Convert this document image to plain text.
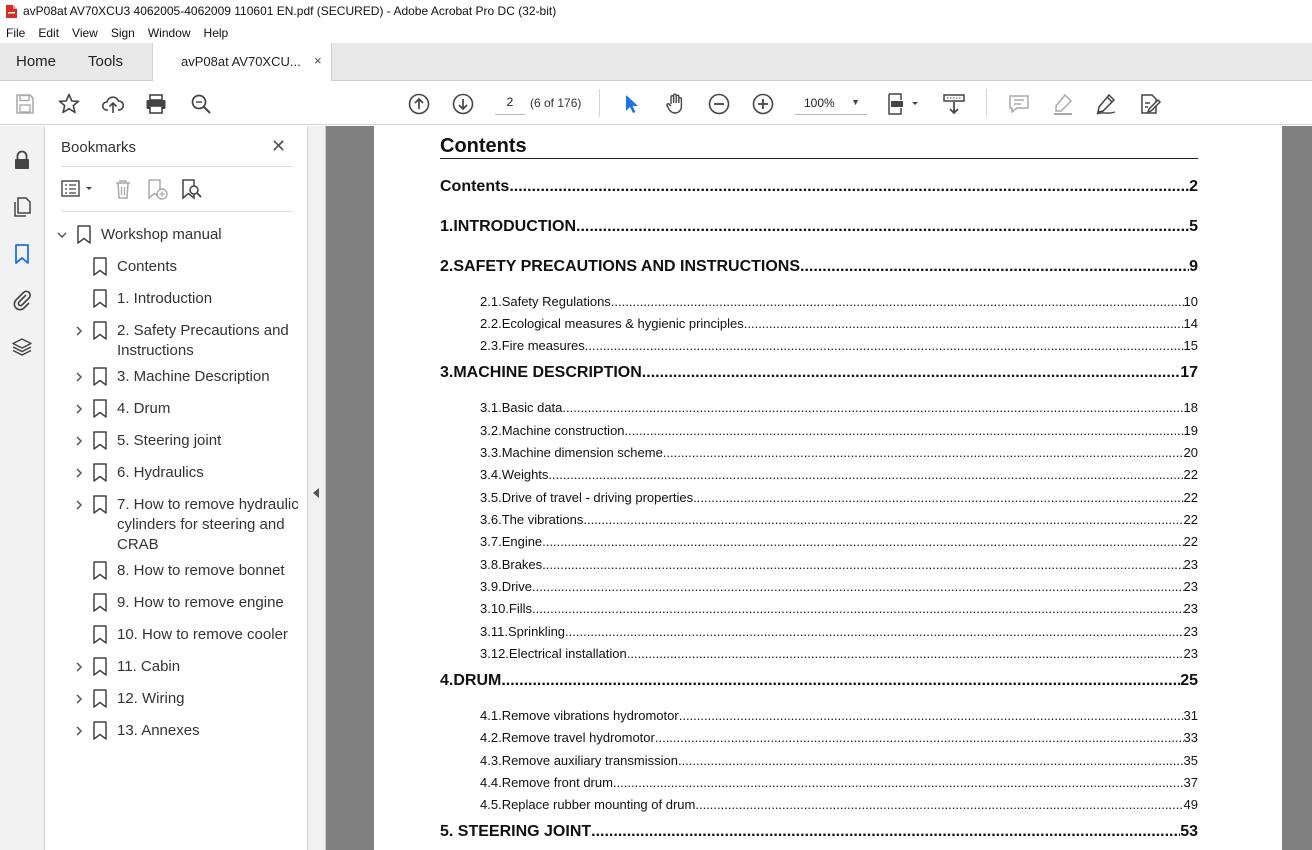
avP08at AV70XCU3 4062005-4062009 110601 EN.pdf (SECURED) - Adobe Acrobat Pro DC (32-bit)
File Edit View Sign Window Help
Home Tools	avP08at AV70XCU... ×
2	(6 of 176)	100% ▼
Bookmarks	✕
Workshop manual
Contents
1. Introduction
2. Safety Precautions and
Instructions
3. Machine Description
4. Drum
5. Steering joint
6. Hydraulics
7. How to remove hydraulic
cylinders for steering and
CRAB
8. How to remove bonnet
9. How to remove engine
10. How to remove cooler
11. Cabin
12. Wiring
13. Annexes
Contents
Contents .....	2
1. INTRODUCTION .....	5
2. SAFETY PRECAUTIONS AND INSTRUCTIONS .....	9
2.1. Safety Regulations .....	10
2.2. Ecological measures & hygienic principles .....	14
2.3. Fire measures .....	15
3. MACHINE DESCRIPTION .....	17
3.1. Basic data .....	18
3.2. Machine construction .....	19
3.3. Machine dimension scheme .....	20
3.4. Weights .....	22
3.5. Drive of travel - driving properties .....	22
3.6. The vibrations .....	22
3.7. Engine .....	22
3.8. Brakes .....	23
3.9. Drive .....	23
3.10. Fills .....	23
3.11. Sprinkling .....	23
3.12. Electrical installation .....	23
4. DRUM .....	25
4.1. Remove vibrations hydromotor .....	31
4.2. Remove travel hydromotor .....	33
4.3. Remove auxiliary transmission .....	35
4.4. Remove front drum .....	37
4.5. Replace rubber mounting of drum .....	49
5. STEERING JOINT .....	53
